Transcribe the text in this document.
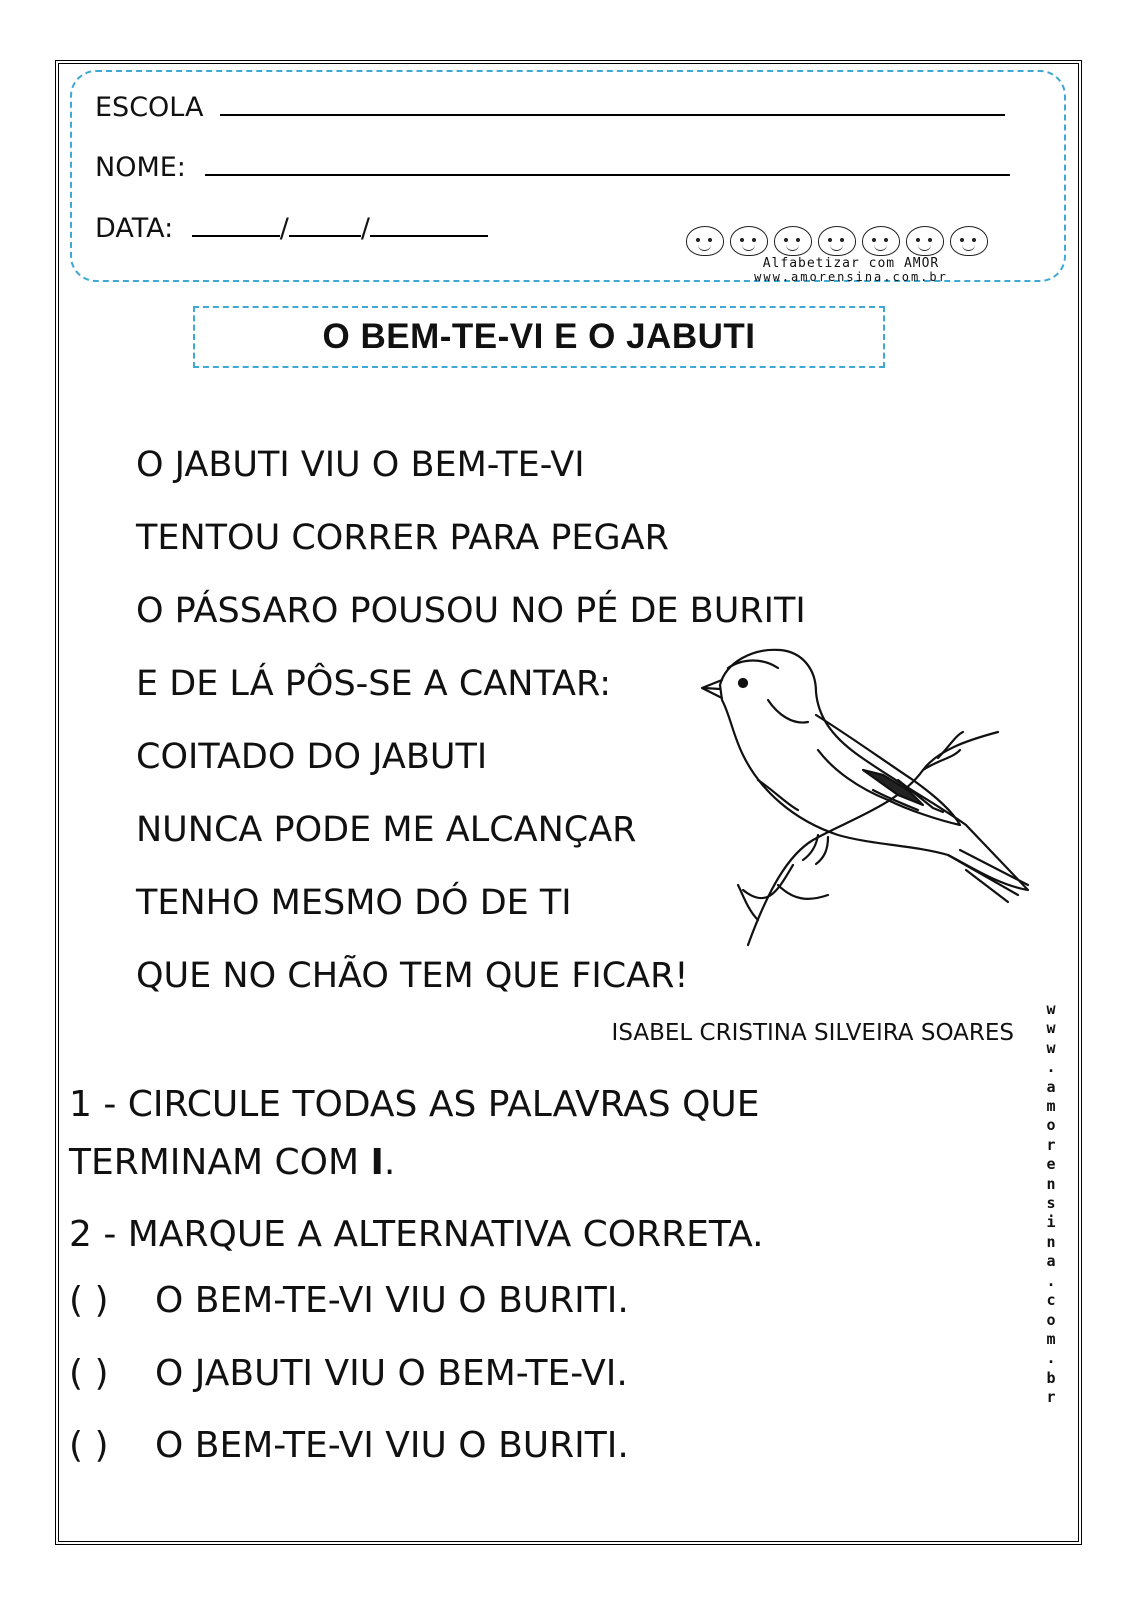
ESCOLA
NOME:
DATA:	/	/
Alfabetizar com AMOR
www.amorensina.com.br
O BEM-TE-VI E O JABUTI
O JABUTI VIU O BEM-TE-VI
TENTOU CORRER PARA PEGAR
O PÁSSARO POUSOU NO PÉ DE BURITI
E DE LÁ PÔS-SE A CANTAR:
COITADO DO JABUTI
NUNCA PODE ME ALCANÇAR
TENHO MESMO DÓ DE TI
QUE NO CHÃO TEM QUE FICAR!
ISABEL CRISTINA SILVEIRA SOARES
1 - CIRCULE TODAS AS PALAVRAS QUE
TERMINAM COM I.
2 - MARQUE A ALTERNATIVA CORRETA.
( ) O BEM-TE-VI VIU O BURITI.
( ) O JABUTI VIU O BEM-TE-VI.
( ) O BEM-TE-VI VIU O BURITI.
w
w
w
.
a
m
o
r
e
n
s
i
n
a
.
c
o
m
.
b
r
